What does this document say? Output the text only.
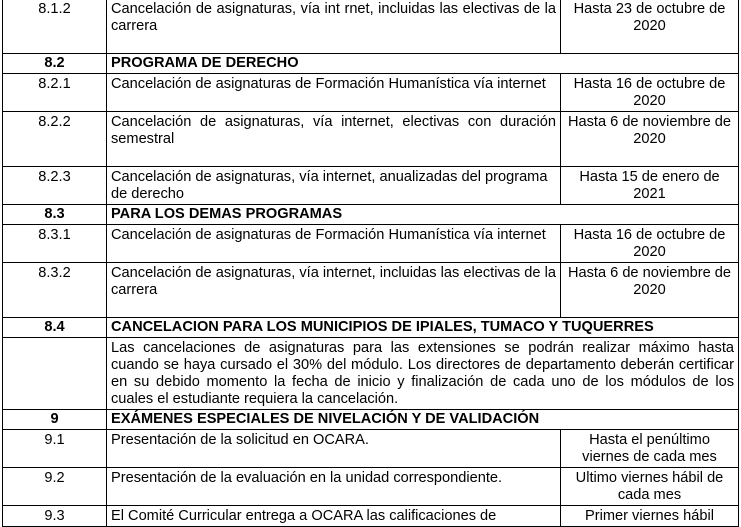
8.1.2	Cancelación de asignaturas, vía int rnet, incluidas las electivas de la carrera	Hasta 23 de octubre de 2020
8.2	PROGRAMA DE DERECHO	
8.2.1	Cancelación de asignaturas de Formación Humanística vía internet	Hasta 16 de octubre de 2020
8.2.2	Cancelación de asignaturas, vía internet, electivas con duración semestral	Hasta 6 de noviembre de 2020
8.2.3	Cancelación de asignaturas, vía internet, anualizadas del programa de derecho	Hasta 15 de enero de 2021
8.3	PARA LOS DEMAS PROGRAMAS	
8.3.1	Cancelación de asignaturas de Formación Humanística vía internet	Hasta 16 de octubre de 2020
8.3.2	Cancelación de asignaturas, vía internet, incluidas las electivas de la carrera	Hasta 6 de noviembre de 2020
8.4	CANCELACION PARA LOS MUNICIPIOS DE IPIALES, TUMACO Y TUQUERRES	
	Las cancelaciones de asignaturas para las extensiones se podrán realizar máximo hasta cuando se haya cursado el 30% del módulo. Los directores de departamento deberán certificar en su debido momento la fecha de inicio y finalización de cada uno de los módulos de los cuales el estudiante requiera la cancelación.	
9	EXÁMENES ESPECIALES DE NIVELACIÓN Y DE VALIDACIÓN	
9.1	Presentación de la solicitud en OCARA.	Hasta el penúltimo viernes de cada mes
9.2	Presentación de la evaluación en la unidad correspondiente.	Ultimo viernes hábil de cada mes
9.3	El Comité Curricular entrega a OCARA las calificaciones de	Primer viernes hábil
